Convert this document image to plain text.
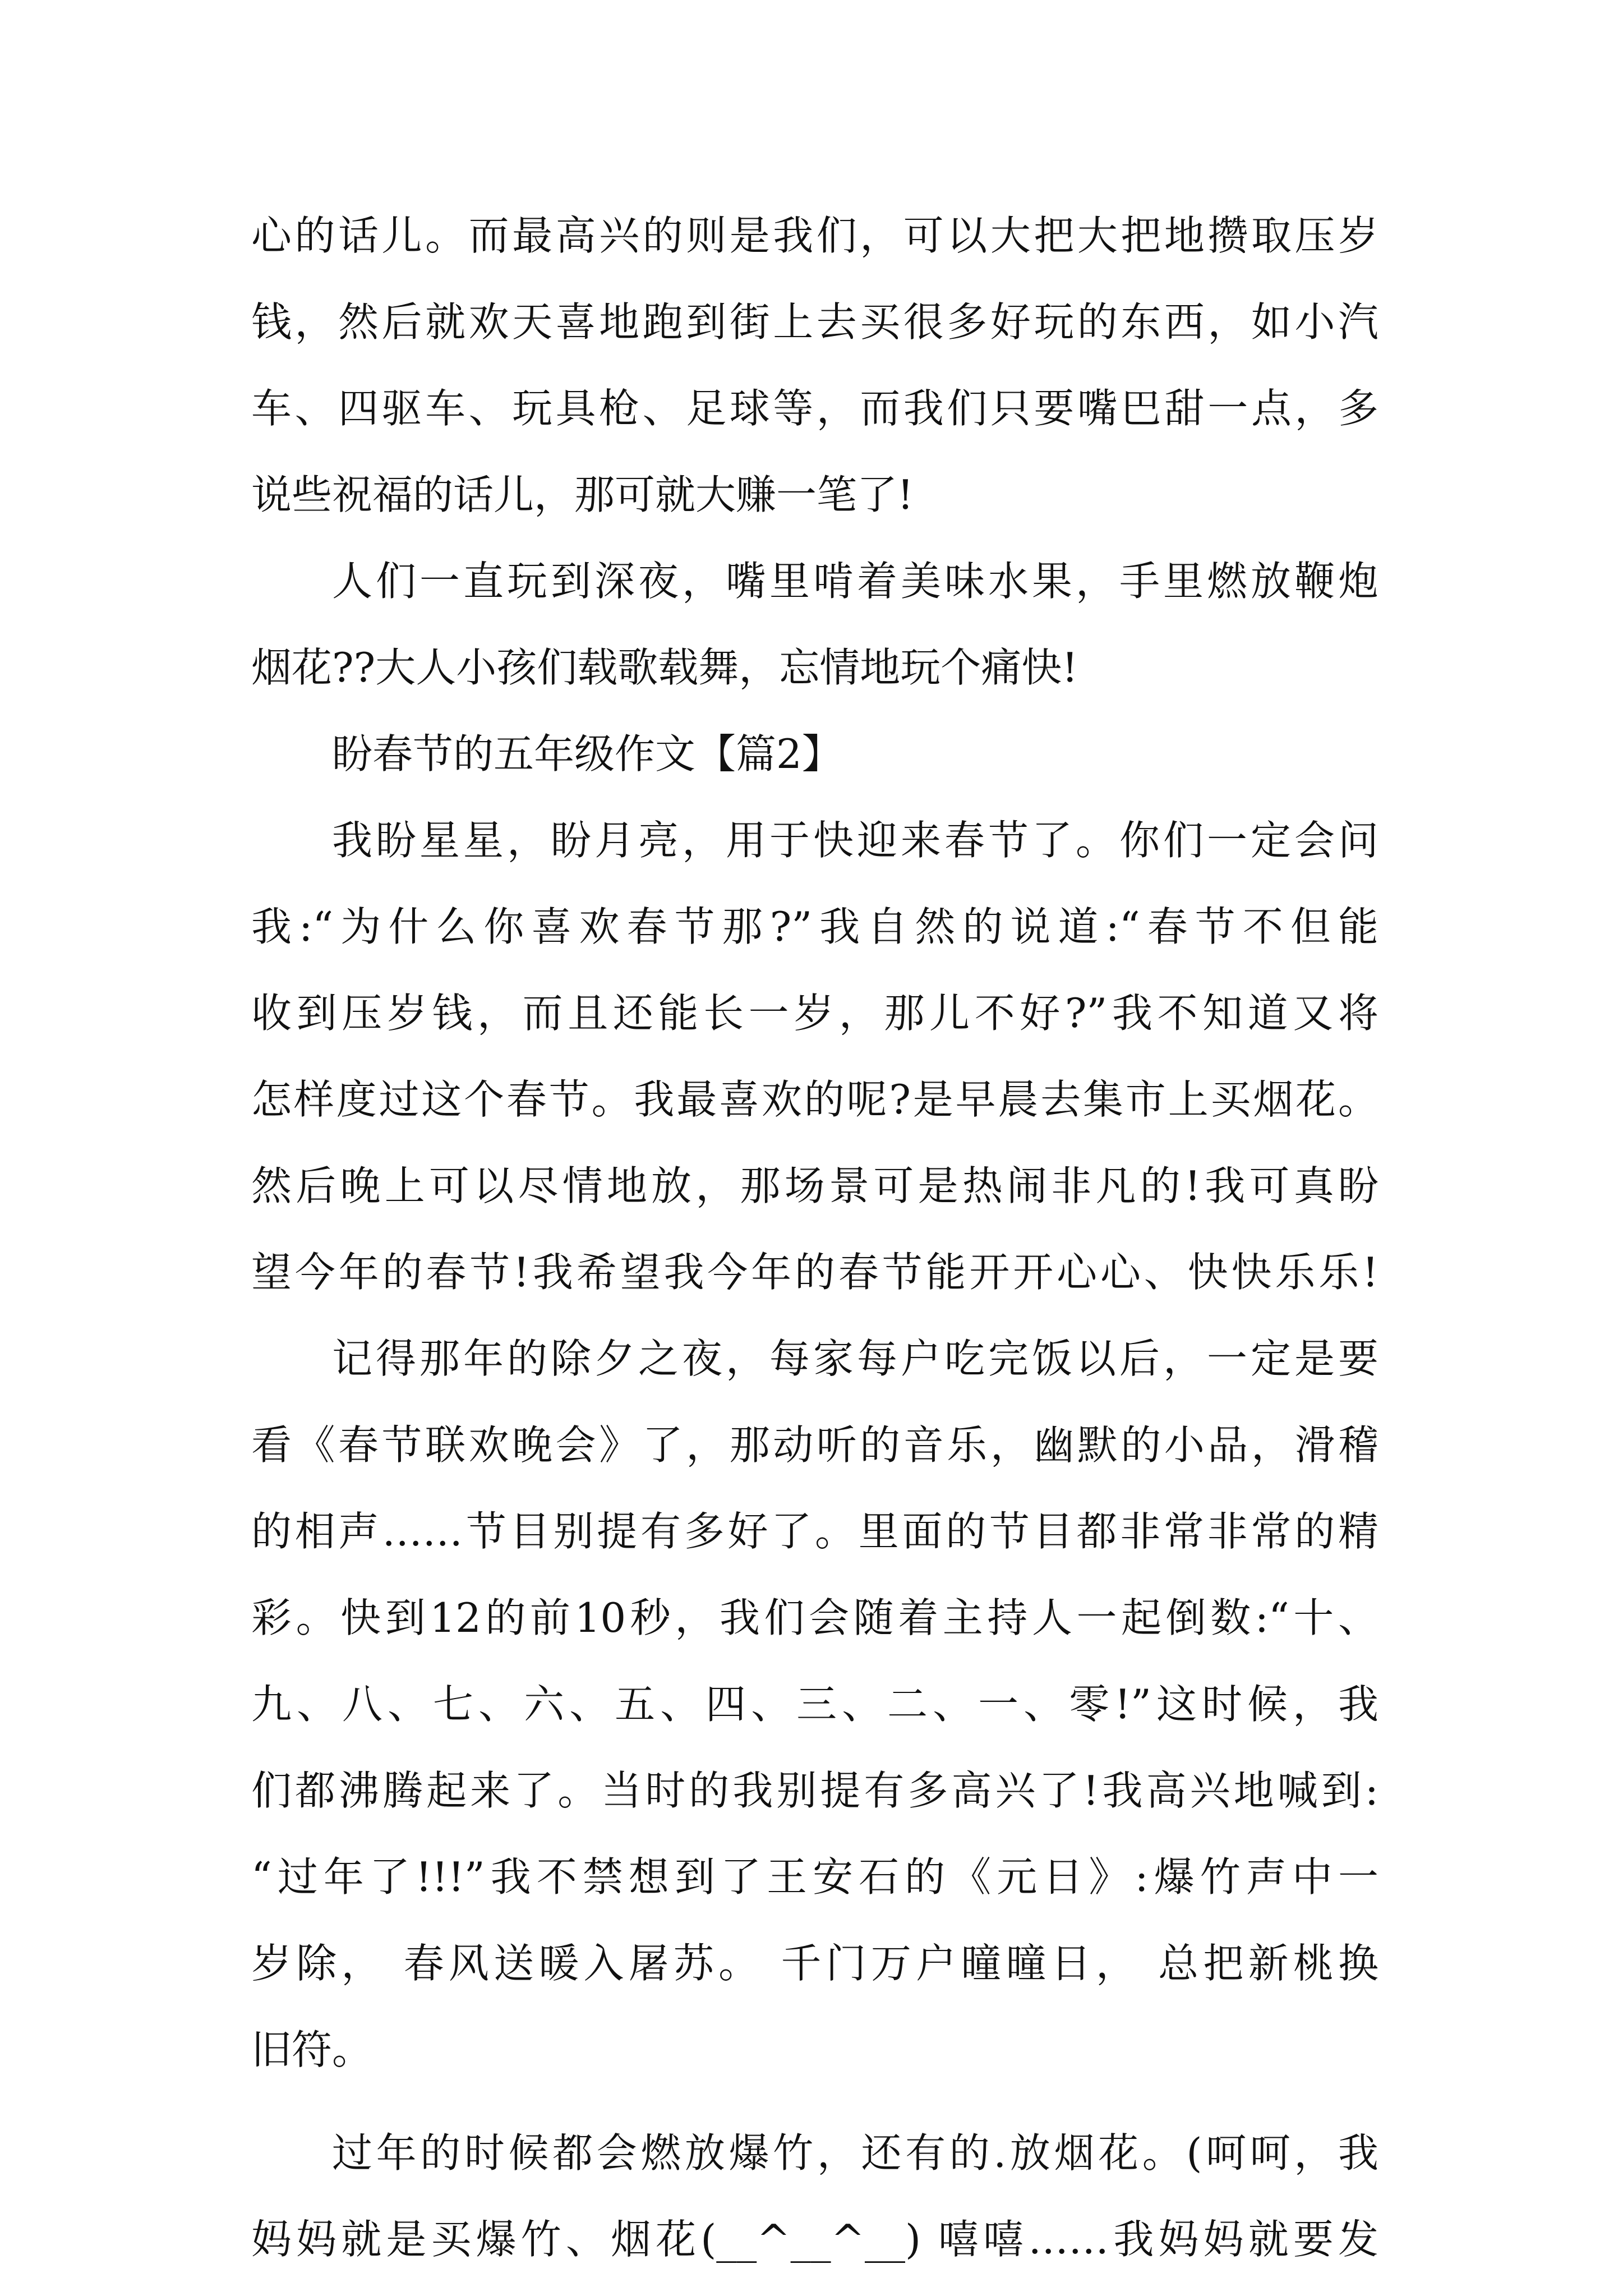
心的话儿。而最高兴的则是我们，可以大把大把地攒取压岁
钱，然后就欢天喜地跑到街上去买很多好玩的东西，如小汽
车、四驱车、玩具枪、足球等，而我们只要嘴巴甜一点，多
说些祝福的话儿，那可就大赚一笔了!
人们一直玩到深夜，嘴里啃着美味水果，手里燃放鞭炮
烟花??大人小孩们载歌载舞，忘情地玩个痛快!
盼春节的五年级作文【篇2】
我盼星星，盼月亮，用于快迎来春节了。你们一定会问
我:“为什么你喜欢春节那?”我自然的说道:“春节不但能
收到压岁钱，而且还能长一岁，那儿不好?”我不知道又将
怎样度过这个春节。我最喜欢的呢?是早晨去集市上买烟花。
然后晚上可以尽情地放，那场景可是热闹非凡的!我可真盼
望今年的春节!我希望我今年的春节能开开心心、快快乐乐!
记得那年的除夕之夜，每家每户吃完饭以后，一定是要
看《春节联欢晚会》了，那动听的音乐，幽默的小品，滑稽
的相声……节目别提有多好了。里面的节目都非常非常的精
彩。快到12的前10秒，我们会随着主持人一起倒数:“十、
九、八、七、六、五、四、三、二、一、零!”这时候，我
们都沸腾起来了。当时的我别提有多高兴了!我高兴地喊到:
“过年了!!!”我不禁想到了王安石的《元日》:爆竹声中一
岁除， 春风送暖入屠苏。 千门万户曈曈日， 总把新桃换
旧符。
过年的时候都会燃放爆竹，还有的.放烟花。(呵呵，我
妈妈就是买爆竹、烟花(__^__^__) 嘻嘻……我妈妈就要发
